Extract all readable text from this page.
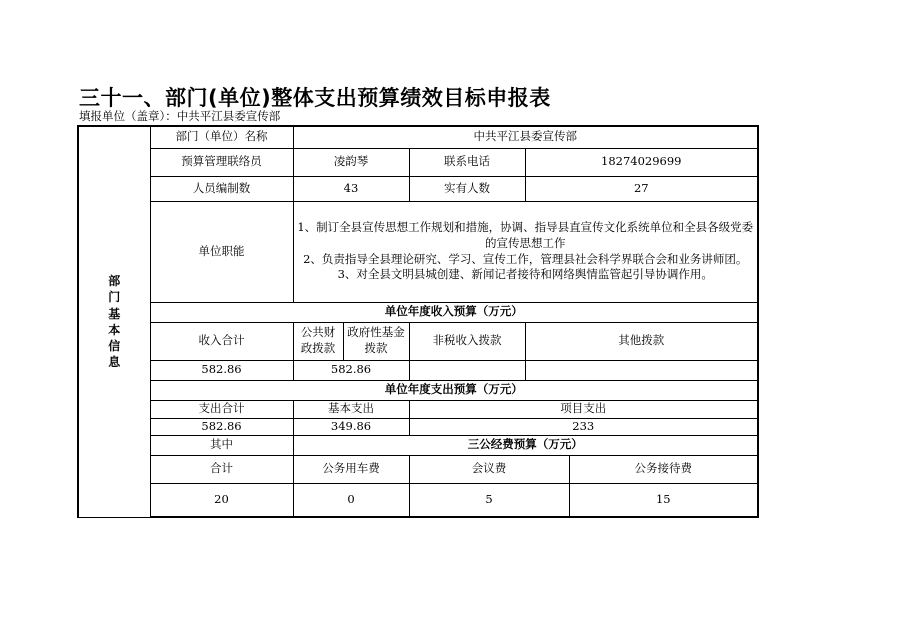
三十一、部门(单位)整体支出预算绩效目标申报表
填报单位（盖章）：中共平江县委宣传部
部门基本信息	部门（单位）名称	中共平江县委宣传部				
	预算管理联络员	凌韵琴		联系电话	18274029699	
	人员编制数	43		实有人数	27	
	单位职能	1、制订全县宣传思想工作规划和措施，协调、指导县直宣传文化系统单位和全县各级党委的宣传思想工作
2、负责指导全县理论研究、学习、宣传工作，管理县社会科学界联合会和业务讲师团。
3、对全县文明县城创建、新闻记者接待和网络舆情监管起引导协调作用。				

	单位年度收入预算（万元）					
	收入合计	公共财政拨款	政府性基金拨款	非税收入拨款	其他拨款	
	582.86	582.86				
	单位年度支出预算（万元）					
	支出合计	基本支出		项目支出		
	582.86	349.86		233		
	其中	三公经费预算（万元）				
	合计	公务用车费		会议费		公务接待费
	20	0		5		15
